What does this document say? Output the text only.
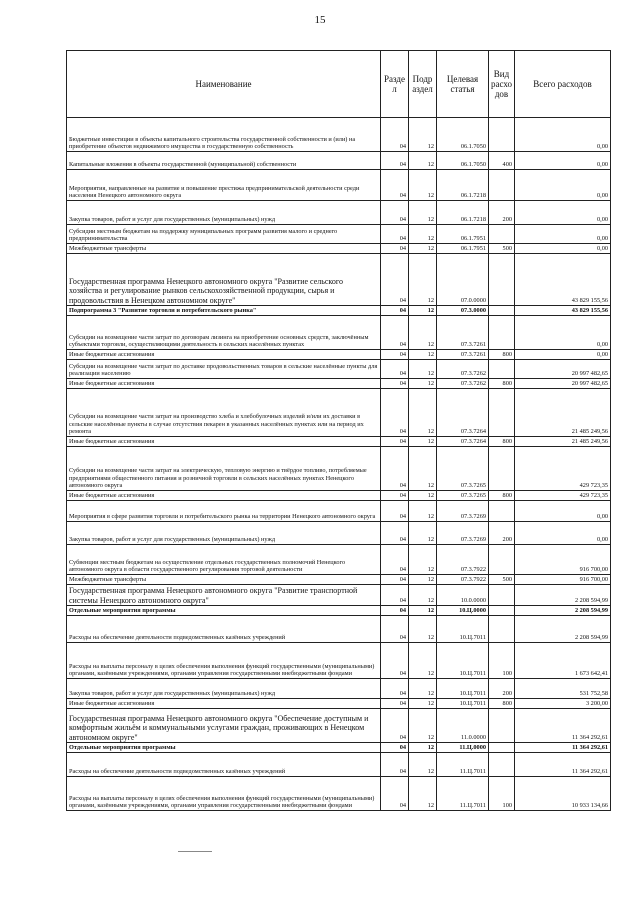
15
Наименование	Разде л	Подр аздел	Целевая статья	Вид расхо дов	Всего расходов
Бюджетные инвестиции в объекты капитального строительства государственной собственности и (или) на приобретение объектов недвижимого имущества в государственную собственность	04	12	06.1.7050		0,00
Капитальные вложения в объекты государственной (муниципальной) собственности	04	12	06.1.7050	400	0,00
Мероприятия, направленные на развитие и повышение престижа предпринимательской деятельности среди населения Ненецкого автономного округа	04	12	06.1.7218		0,00
Закупка товаров, работ и услуг для государственных (муниципальных) нужд	04	12	06.1.7218	200	0,00
Субсидии местным бюджетам на поддержку муниципальных программ развития малого и среднего предпринимательства	04	12	06.1.7951		0,00
Межбюджетные трансферты	04	12	06.1.7951	500	0,00
Государственная программа Ненецкого автономного округа "Развитие сельского хозяйства и регулирование рынков сельскохозяйственной продукции, сырья и продовольствия в Ненецком автономном округе"	04	12	07.0.0000		43 829 155,56
Подпрограмма 3 "Развитие торговли и потребительского рынка"	04	12	07.3.0000		43 829 155,56
Субсидии на возмещение части затрат по договорам лизинга на приобретение основных средств, заключённым субъектами торговли, осуществляющими деятельность в сельских населённых пунктах	04	12	07.3.7261		0,00
Иные бюджетные ассигнования	04	12	07.3.7261	800	0,00
Субсидии на возмещение части затрат по доставке продовольственных товаров в сельские населённые пункты для реализации населению	04	12	07.3.7262		20 997 482,65
Иные бюджетные ассигнования	04	12	07.3.7262	800	20 997 482,65
Субсидии на возмещение части затрат на производство хлеба и хлебобулочных изделий и/или их доставки в сельские населённые пункты в случае отсутствия пекарен в указанных населённых пунктах или на период их ремонта	04	12	07.3.7264		21 485 249,56
Иные бюджетные ассигнования	04	12	07.3.7264	800	21 485 249,56
Субсидии на возмещение части затрат на электрическую, тепловую энергию и твёрдое топливо, потребляемые предприятиями общественного питания и розничной торговли в сельских населённых пунктах Ненецкого автономного округа	04	12	07.3.7265		429 723,35
Иные бюджетные ассигнования	04	12	07.3.7265	800	429 723,35
Мероприятия в сфере развития торговли и потребительского рынка на территории Ненецкого автономного округа	04	12	07.3.7269		0,00
Закупка товаров, работ и услуг для государственных (муниципальных) нужд	04	12	07.3.7269	200	0,00
Субвенции местным бюджетам на осуществление отдельных государственных полномочий Ненецкого автономного округа в области государственного регулирования торговой деятельности	04	12	07.3.7922		916 700,00
Межбюджетные трансферты	04	12	07.3.7922	500	916 700,00
Государственная программа Ненецкого автономного округа "Развитие транспортной системы Ненецкого автономного округа"	04	12	10.0.0000		2 208 594,99
Отдельные мероприятия программы	04	12	10.Ц.0000		2 208 594,99
Расходы на обеспечение деятельности подведомственных казённых учреждений	04	12	10.Ц.7011		2 208 594,99
Расходы на выплаты персоналу в целях обеспечения выполнения функций государственными (муниципальными) органами, казёнными учреждениями, органами управления государственными внебюджетными фондами	04	12	10.Ц.7011	100	1 673 642,41
Закупка товаров, работ и услуг для государственных (муниципальных) нужд	04	12	10.Ц.7011	200	531 752,58
Иные бюджетные ассигнования	04	12	10.Ц.7011	800	3 200,00
Государственная программа Ненецкого автономного округа "Обеспечение доступным и комфортным жильём и коммунальными услугами граждан, проживающих в Ненецком автономном округе"	04	12	11.0.0000		11 364 292,61
Отдельные мероприятия программы	04	12	11.Ц.0000		11 364 292,61
Расходы на обеспечение деятельности подведомственных казённых учреждений	04	12	11.Ц.7011		11 364 292,61
Расходы на выплаты персоналу в целях обеспечения выполнения функций государственными (муниципальными) органами, казёнными учреждениями, органами управления государственными внебюджетными фондами	04	12	11.Ц.7011	100	10 933 134,66
